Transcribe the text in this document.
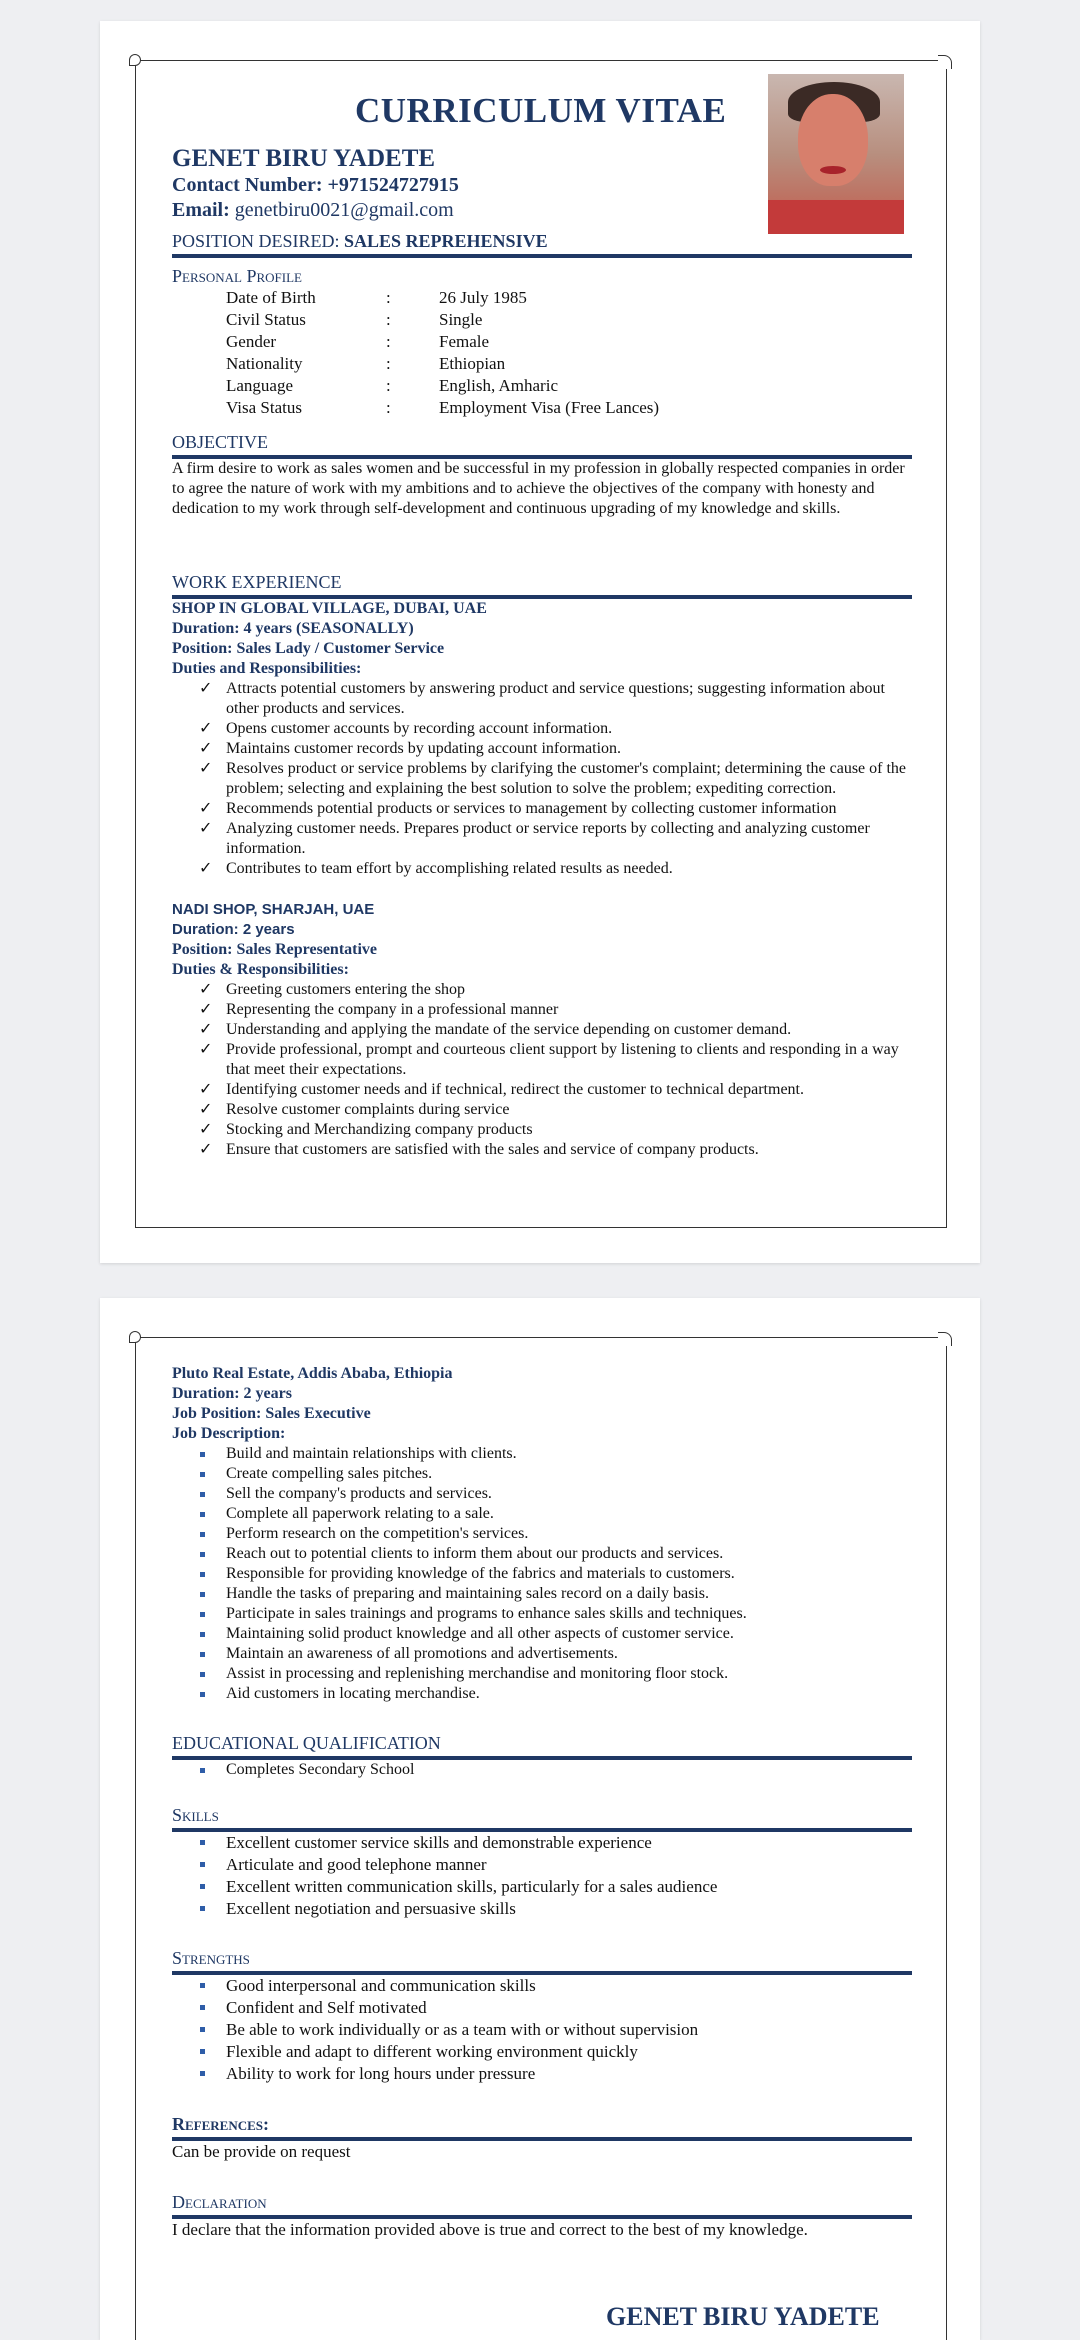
CURRICULUM VITAE
GENET BIRU YADETE
Contact Number: +971524727915
Email: genetbiru0021@gmail.com
POSITION DESIRED: SALES REPREHENSIVE
Personal Profile
Date of Birth	:	26 July 1985
Civil Status	:	Single
Gender	:	Female
Nationality	:	Ethiopian
Language	:	English, Amharic
Visa Status	:	Employment Visa (Free Lances)
OBJECTIVE
A firm desire to work as sales women and be successful in my profession in globally respected companies in order to agree the nature of work with my ambitions and to achieve the objectives of the company with honesty and dedication to my work through self-development and continuous upgrading of my knowledge and skills.
WORK EXPERIENCE
SHOP IN GLOBAL VILLAGE, DUBAI, UAE
Duration: 4 years (SEASONALLY)
Position: Sales Lady / Customer Service
Duties and Responsibilities:
✓ Attracts potential customers by answering product and service questions; suggesting information about other products and services.
✓ Opens customer accounts by recording account information.
✓ Maintains customer records by updating account information.
✓ Resolves product or service problems by clarifying the customer's complaint; determining the cause of the problem; selecting and explaining the best solution to solve the problem; expediting correction.
✓ Recommends potential products or services to management by collecting customer information
✓ Analyzing customer needs. Prepares product or service reports by collecting and analyzing customer information.
✓ Contributes to team effort by accomplishing related results as needed.
NADI SHOP, SHARJAH, UAE
Duration: 2 years
Position: Sales Representative
Duties & Responsibilities:
✓ Greeting customers entering the shop
✓ Representing the company in a professional manner
✓ Understanding and applying the mandate of the service depending on customer demand.
✓ Provide professional, prompt and courteous client support by listening to clients and responding in a way that meet their expectations.
✓ Identifying customer needs and if technical, redirect the customer to technical department.
✓ Resolve customer complaints during service
✓ Stocking and Merchandizing company products
✓ Ensure that customers are satisfied with the sales and service of company products.
Pluto Real Estate, Addis Ababa, Ethiopia
Duration: 2 years
Job Position: Sales Executive
Job Description:
Build and maintain relationships with clients.
Create compelling sales pitches.
Sell the company's products and services.
Complete all paperwork relating to a sale.
Perform research on the competition's services.
Reach out to potential clients to inform them about our products and services.
Responsible for providing knowledge of the fabrics and materials to customers.
Handle the tasks of preparing and maintaining sales record on a daily basis.
Participate in sales trainings and programs to enhance sales skills and techniques.
Maintaining solid product knowledge and all other aspects of customer service.
Maintain an awareness of all promotions and advertisements.
Assist in processing and replenishing merchandise and monitoring floor stock.
Aid customers in locating merchandise.
EDUCATIONAL QUALIFICATION
Completes Secondary School
Skills
Excellent customer service skills and demonstrable experience
Articulate and good telephone manner
Excellent written communication skills, particularly for a sales audience
Excellent negotiation and persuasive skills
Strengths
Good interpersonal and communication skills
Confident and Self motivated
Be able to work individually or as a team with or without supervision
Flexible and adapt to different working environment quickly
Ability to work for long hours under pressure
References:
Can be provide on request
Declaration
I declare that the information provided above is true and correct to the best of my knowledge.
GENET BIRU YADETE
